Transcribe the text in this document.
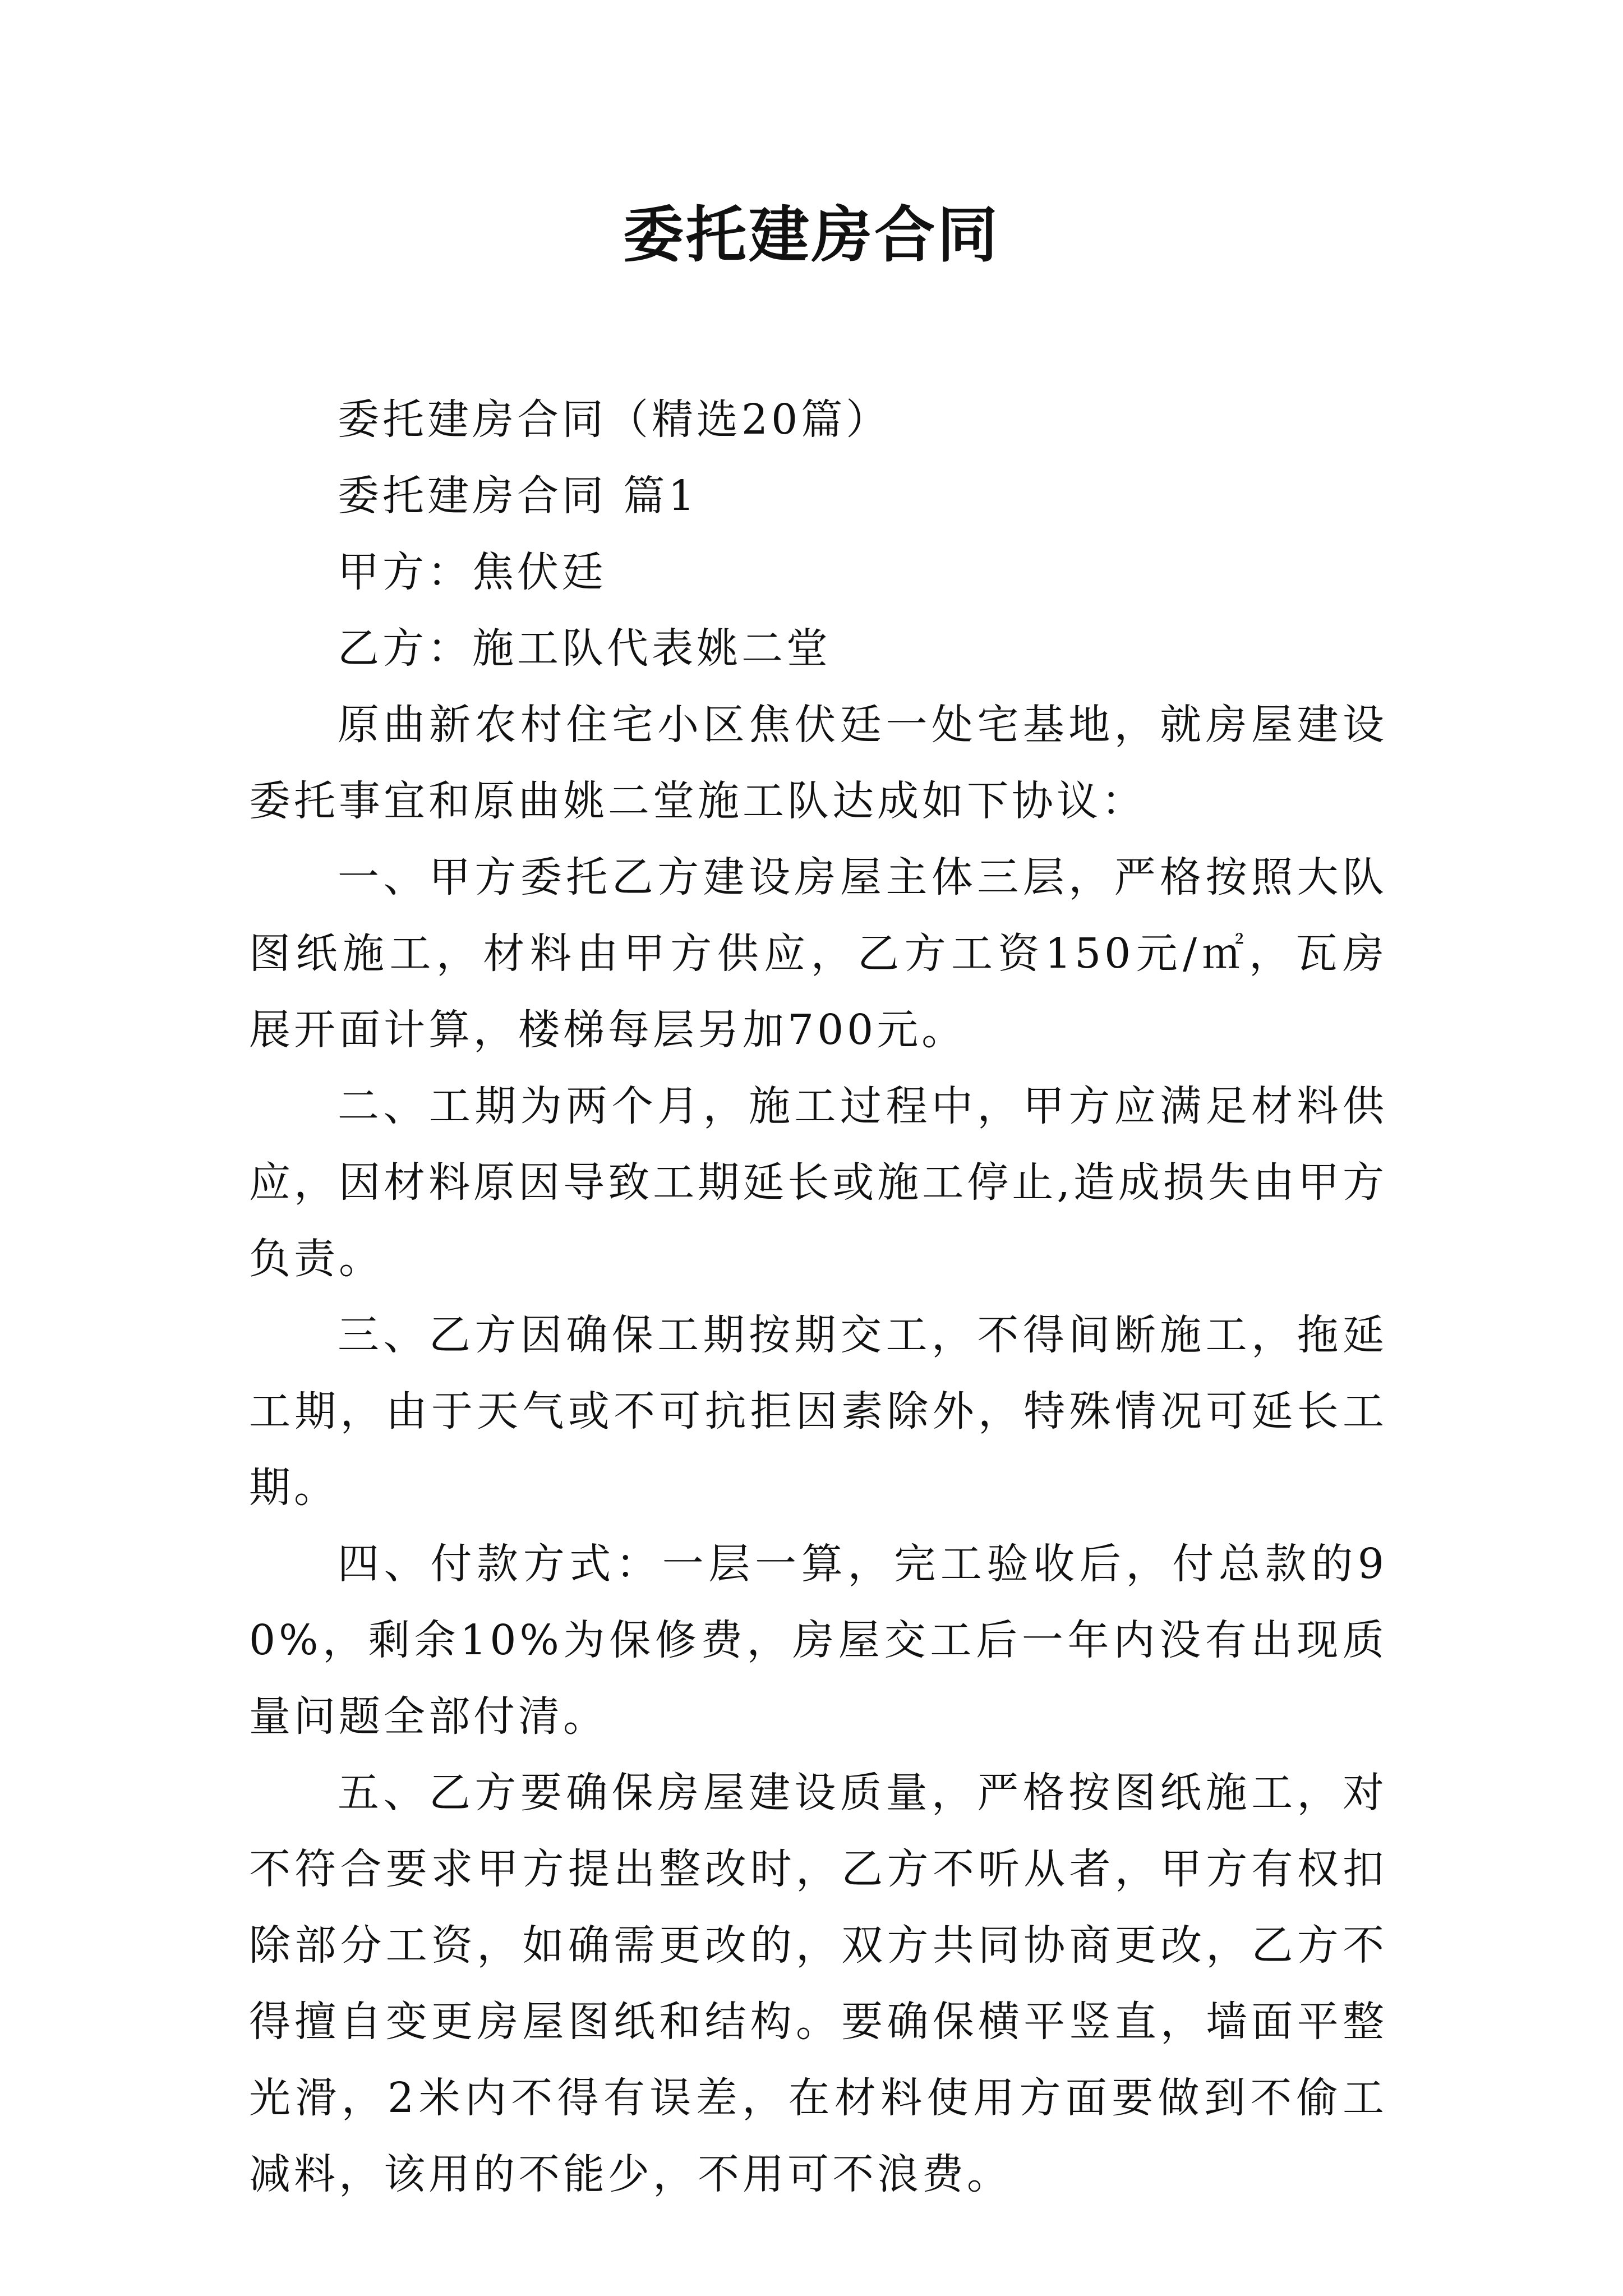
委托建房合同

委托建房合同（精选20篇）

委托建房合同 篇1

甲方：焦伏廷

乙方：施工队代表姚二堂

原曲新农村住宅小区焦伏廷一处宅基地，就房屋建设委托事宜和原曲姚二堂施工队达成如下协议：

一、甲方委托乙方建设房屋主体三层，严格按照大队图纸施工，材料由甲方供应，乙方工资150元/㎡，瓦房展开面计算，楼梯每层另加700元。

二、工期为两个月，施工过程中，甲方应满足材料供应，因材料原因导致工期延长或施工停止,造成损失由甲方负责。

三、乙方因确保工期按期交工，不得间断施工，拖延工期，由于天气或不可抗拒因素除外，特殊情况可延长工期。

四、付款方式：一层一算，完工验收后，付总款的90%，剩余10%为保修费，房屋交工后一年内没有出现质量问题全部付清。

五、乙方要确保房屋建设质量，严格按图纸施工，对不符合要求甲方提出整改时，乙方不听从者，甲方有权扣除部分工资，如确需更改的，双方共同协商更改，乙方不得擅自变更房屋图纸和结构。要确保横平竖直，墙面平整光滑，2米内不得有误差，在材料使用方面要做到不偷工减料，该用的不能少，不用可不浪费。
